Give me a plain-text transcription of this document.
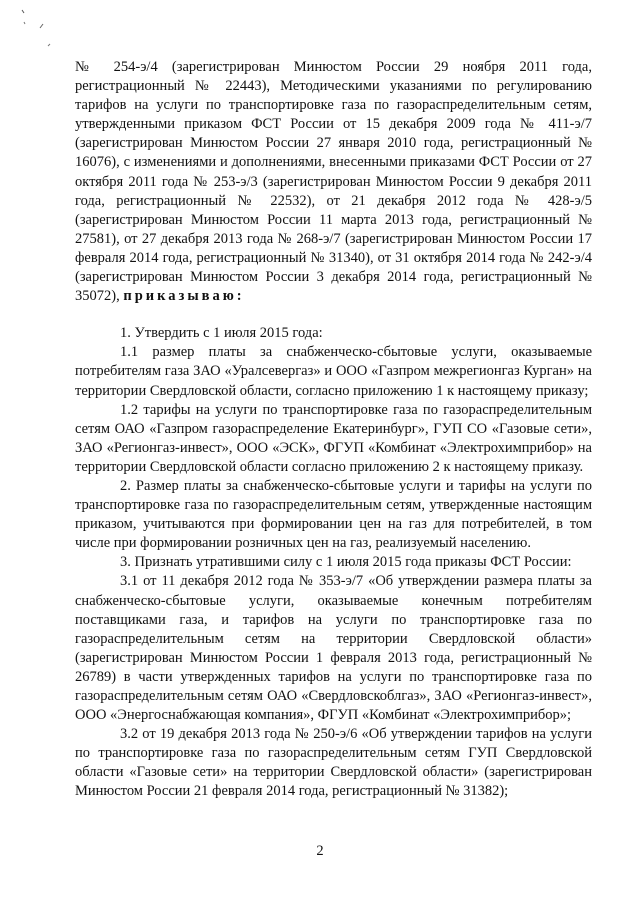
№ 254-э/4 (зарегистрирован Минюстом России 29 ноября 2011 года, регистрационный № 22443), Методическими указаниями по регулированию тарифов на услуги по транспортировке газа по газораспределительным сетям, утвержденными приказом ФСТ России от 15 декабря 2009 года № 411-э/7 (зарегистрирован Минюстом России 27 января 2010 года, регистрационный № 16076), с изменениями и дополнениями, внесенными приказами ФСТ России от 27 октября 2011 года № 253-э/3 (зарегистрирован Минюстом России 9 декабря 2011 года, регистрационный № 22532), от 21 декабря 2012 года № 428-э/5 (зарегистрирован Минюстом России 11 марта 2013 года, регистрационный № 27581), от 27 декабря 2013 года № 268-э/7 (зарегистрирован Минюстом России 17 февраля 2014 года, регистрационный № 31340), от 31 октября 2014 года № 242-э/4 (зарегистрирован Минюстом России 3 декабря 2014 года, регистрационный № 35072), приказываю:

1. Утвердить с 1 июля 2015 года:

1.1 размер платы за снабженческо-сбытовые услуги, оказываемые потребителям газа ЗАО «Уралсевергаз» и ООО «Газпром межрегионгаз Курган» на территории Свердловской области, согласно приложению 1 к настоящему приказу;

1.2 тарифы на услуги по транспортировке газа по газораспределительным сетям ОАО «Газпром газораспределение Екатеринбург», ГУП СО «Газовые сети», ЗАО «Регионгаз-инвест», ООО «ЭСК», ФГУП «Комбинат «Электрохимприбор» на территории Свердловской области согласно приложению 2 к настоящему приказу.

2. Размер платы за снабженческо-сбытовые услуги и тарифы на услуги по транспортировке газа по газораспределительным сетям, утвержденные настоящим приказом, учитываются при формировании цен на газ для потребителей, в том числе при формировании розничных цен на газ, реализуемый населению.

3. Признать утратившими силу с 1 июля 2015 года приказы ФСТ России:

3.1 от 11 декабря 2012 года № 353-э/7 «Об утверждении размера платы за снабженческо-сбытовые услуги, оказываемые конечным потребителям поставщиками газа, и тарифов на услуги по транспортировке газа по газораспределительным сетям на территории Свердловской области» (зарегистрирован Минюстом России 1 февраля 2013 года, регистрационный № 26789) в части утвержденных тарифов на услуги по транспортировке газа по газораспределительным сетям ОАО «Свердловскоблгаз», ЗАО «Регионгаз-инвест», ООО «Энергоснабжающая компания», ФГУП «Комбинат «Электрохимприбор»;

3.2 от 19 декабря 2013 года № 250-э/6 «Об утверждении тарифов на услуги по транспортировке газа по газораспределительным сетям ГУП Свердловской области «Газовые сети» на территории Свердловской области» (зарегистрирован Минюстом России 21 февраля 2014 года, регистрационный № 31382);

2
